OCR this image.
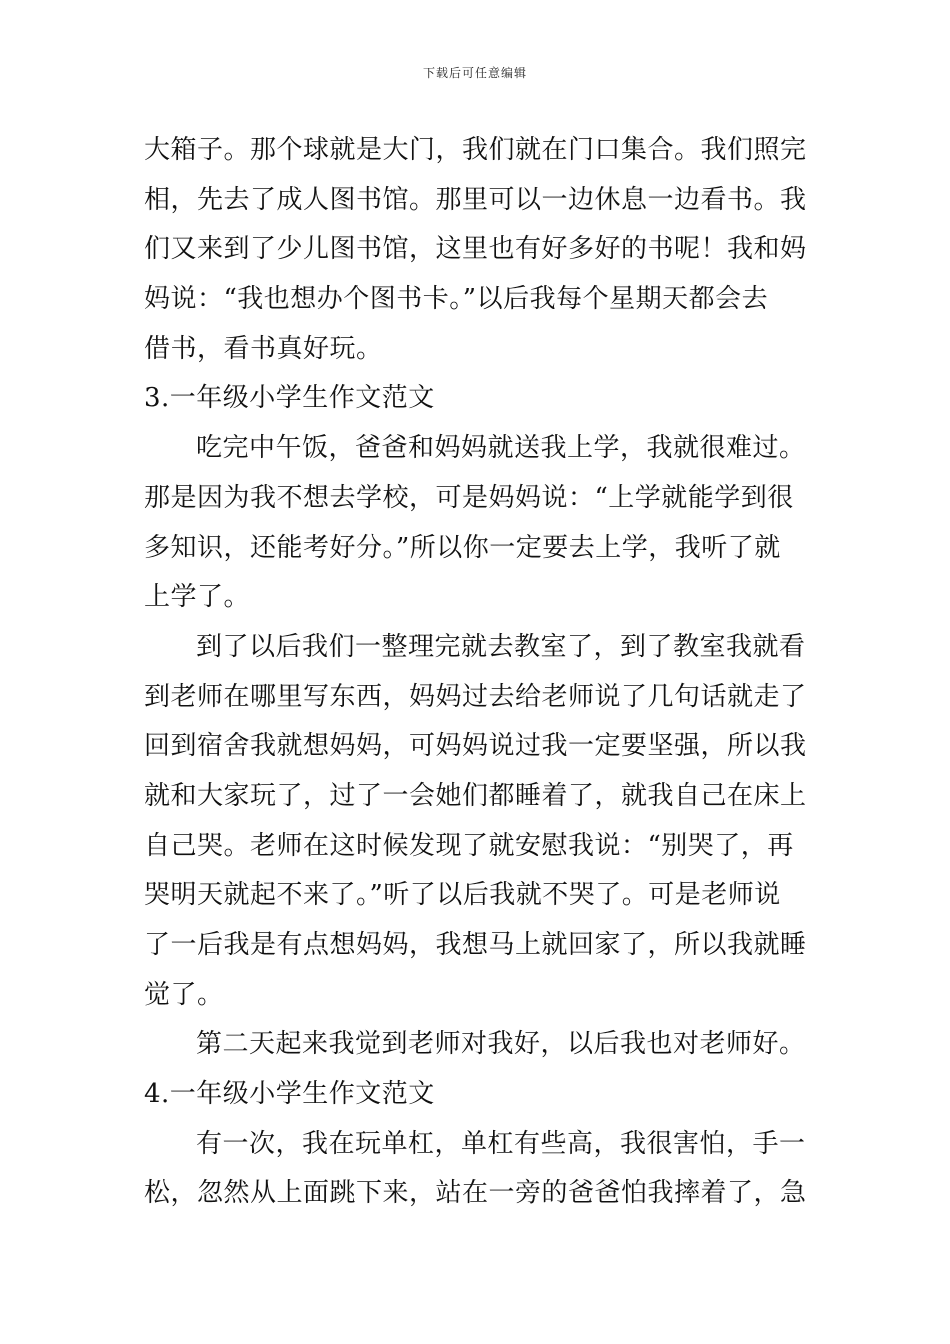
下载后可任意编辑
大箱子。那个球就是大门，我们就在门口集合。我们照完
相，先去了成人图书馆。那里可以一边休息一边看书。我
们又来到了少儿图书馆，这里也有好多好的书呢！我和妈
妈说：“我也想办个图书卡。”以后我每个星期天都会去
借书，看书真好玩。
3.一年级小学生作文范文
吃完中午饭，爸爸和妈妈就送我上学，我就很难过。
那是因为我不想去学校，可是妈妈说：“上学就能学到很
多知识，还能考好分。”所以你一定要去上学，我听了就
上学了。
到了以后我们一整理完就去教室了，到了教室我就看
到老师在哪里写东西，妈妈过去给老师说了几句话就走了
回到宿舍我就想妈妈，可妈妈说过我一定要坚强，所以我
就和大家玩了，过了一会她们都睡着了，就我自己在床上
自己哭。老师在这时候发现了就安慰我说：“别哭了，再
哭明天就起不来了。”听了以后我就不哭了。可是老师说
了一后我是有点想妈妈，我想马上就回家了，所以我就睡
觉了。
第二天起来我觉到老师对我好，以后我也对老师好。
4.一年级小学生作文范文
有一次，我在玩单杠，单杠有些高，我很害怕，手一
松，忽然从上面跳下来，站在一旁的爸爸怕我摔着了，急
